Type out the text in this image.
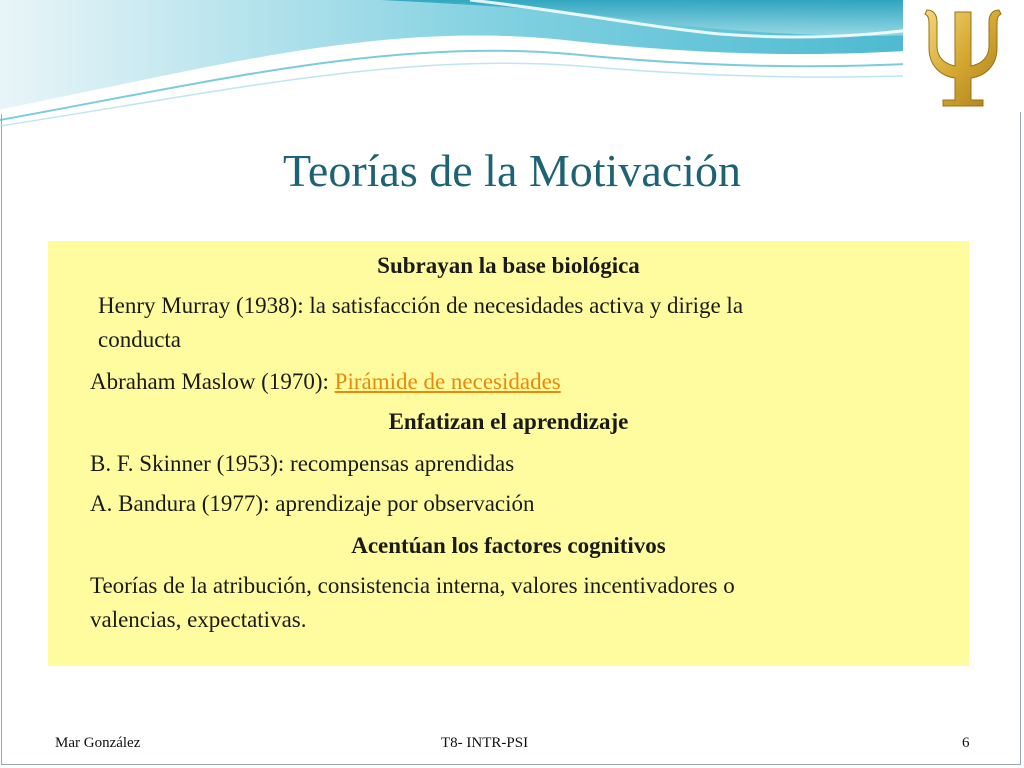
Teorías de la Motivación
Subrayan la base biológica
Henry Murray (1938): la satisfacción de necesidades activa y dirige la
conducta
Abraham Maslow (1970): Pirámide de necesidades
Enfatizan el aprendizaje
B. F. Skinner (1953): recompensas aprendidas
A. Bandura (1977): aprendizaje por observación
Acentúan los factores cognitivos
Teorías de la atribución, consistencia interna, valores incentivadores o
valencias, expectativas.
Mar González	T8- INTR-PSI	6
